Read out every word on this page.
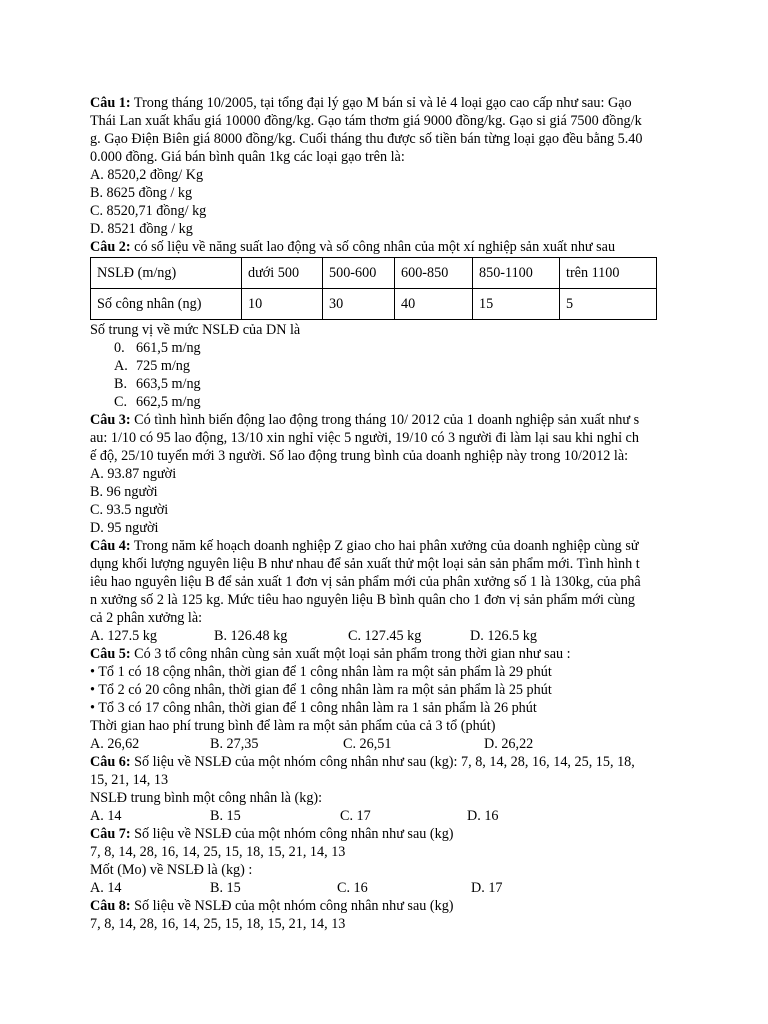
Câu 1: Trong tháng 10/2005, tại tổng đại lý gạo M bán sỉ và lẻ 4 loại gạo cao cấp như sau: Gạo
Thái Lan xuất khẩu giá 10000 đồng/kg. Gạo tám thơm giá 9000 đồng/kg. Gạo si giá 7500 đồng/k
g. Gạo Điện Biên giá 8000 đồng/kg. Cuối tháng thu được số tiền bán từng loại gạo đều bằng 5.40
0.000 đồng. Giá bán bình quân 1kg các loại gạo trên là:
A. 8520,2 đồng/ Kg
B. 8625 đồng / kg
C. 8520,71 đồng/ kg
D. 8521 đồng / kg
Câu 2: có số liệu về năng suất lao động và số công nhân của một xí nghiệp sản xuất như sau
NSLĐ (m/ng)	dưới 500	500-600	600-850	850-1100	trên 1100
Số công nhân (ng)	10	30	40	15	5
Số trung vị về mức NSLĐ của DN là
0. 661,5 m/ng
A. 725 m/ng
B. 663,5 m/ng
C. 662,5 m/ng
Câu 3: Có tình hình biến động lao động trong tháng 10/ 2012 của 1 doanh nghiệp sản xuất như s
au: 1/10 có 95 lao động, 13/10 xin nghỉ việc 5 người, 19/10 có 3 người đi làm lại sau khi nghỉ ch
ế độ, 25/10 tuyển mới 3 người. Số lao động trung bình của doanh nghiệp này trong 10/2012 là:
A. 93.87 người
B. 96 người
C. 93.5 người
D. 95 người
Câu 4: Trong năm kế hoạch doanh nghiệp Z giao cho hai phân xưởng của doanh nghiệp cùng sử
dụng khối lượng nguyên liệu B như nhau để sản xuất thử một loại sản sản phẩm mới. Tình hình t
iêu hao nguyên liệu B để sản xuất 1 đơn vị sản phẩm mới của phân xưởng số 1 là 130kg, của phâ
n xưởng số 2 là 125 kg. Mức tiêu hao nguyên liệu B bình quân cho 1 đơn vị sản phẩm mới cùng
cả 2 phân xưởng là:
A. 127.5 kg	B. 126.48 kg	C. 127.45 kg	D. 126.5 kg
Câu 5: Có 3 tổ công nhân cùng sản xuất một loại sản phẩm trong thời gian như sau :
• Tổ 1 có 18 cộng nhân, thời gian để 1 công nhân làm ra một sản phẩm là 29 phút
• Tổ 2 có 20 công nhân, thời gian để 1 công nhân làm ra một sản phẩm là 25 phút
• Tổ 3 có 17 công nhân, thời gian để 1 công nhân làm ra 1 sản phẩm là 26 phút
Thời gian hao phí trung bình để làm ra một sản phẩm của cả 3 tổ (phút)
A. 26,62	B. 27,35	C. 26,51	D. 26,22
Câu 6: Số liệu về NSLĐ của một nhóm công nhân như sau (kg): 7, 8, 14, 28, 16, 14, 25, 15, 18,
15, 21, 14, 13
NSLĐ trung bình một công nhân là (kg):
A. 14	B. 15	C. 17	D. 16
Câu 7: Số liệu về NSLĐ của một nhóm công nhân như sau (kg)
7, 8, 14, 28, 16, 14, 25, 15, 18, 15, 21, 14, 13
Mốt (Mo) về NSLĐ là (kg) :
A. 14	B. 15	C. 16	D. 17
Câu 8: Số liệu về NSLĐ của một nhóm công nhân như sau (kg)
7, 8, 14, 28, 16, 14, 25, 15, 18, 15, 21, 14, 13
